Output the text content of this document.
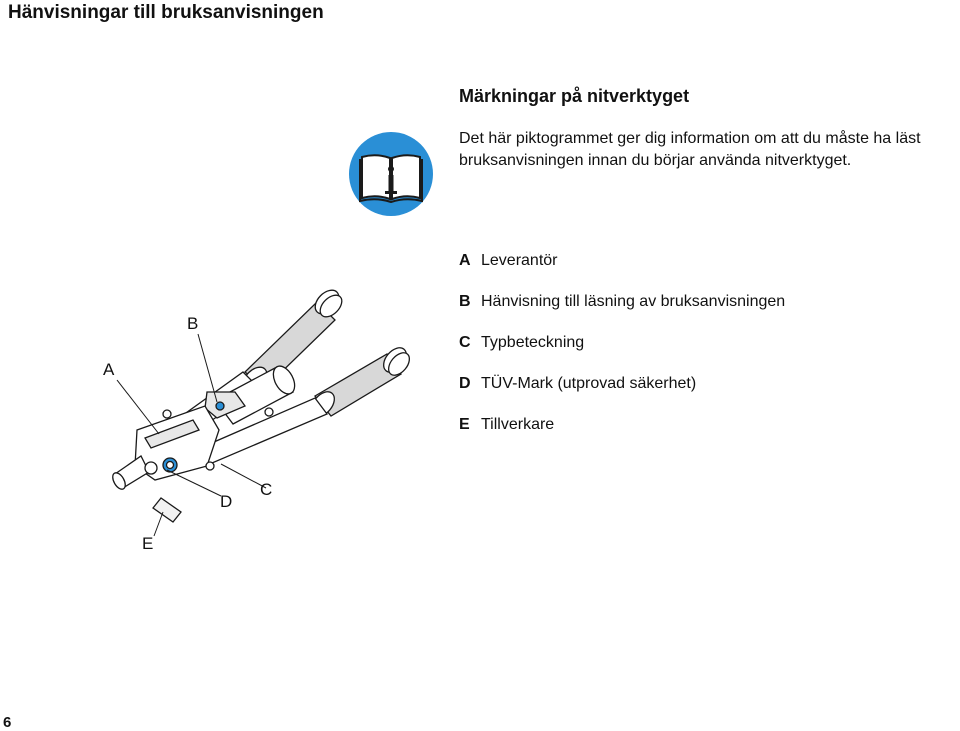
Hänvisningar till bruksanvisningen
Märkningar på nitverktyget
Det här piktogrammet ger dig information om att du måste ha läst
bruksanvisningen innan du börjar använda nitverktyget.
A Leverantör
B Hänvisning till läsning av bruksanvisningen
C Typbeteckning
D TÜV-Mark (utprovad säkerhet)
E Tillverkare
A
B
C
D
E
6
